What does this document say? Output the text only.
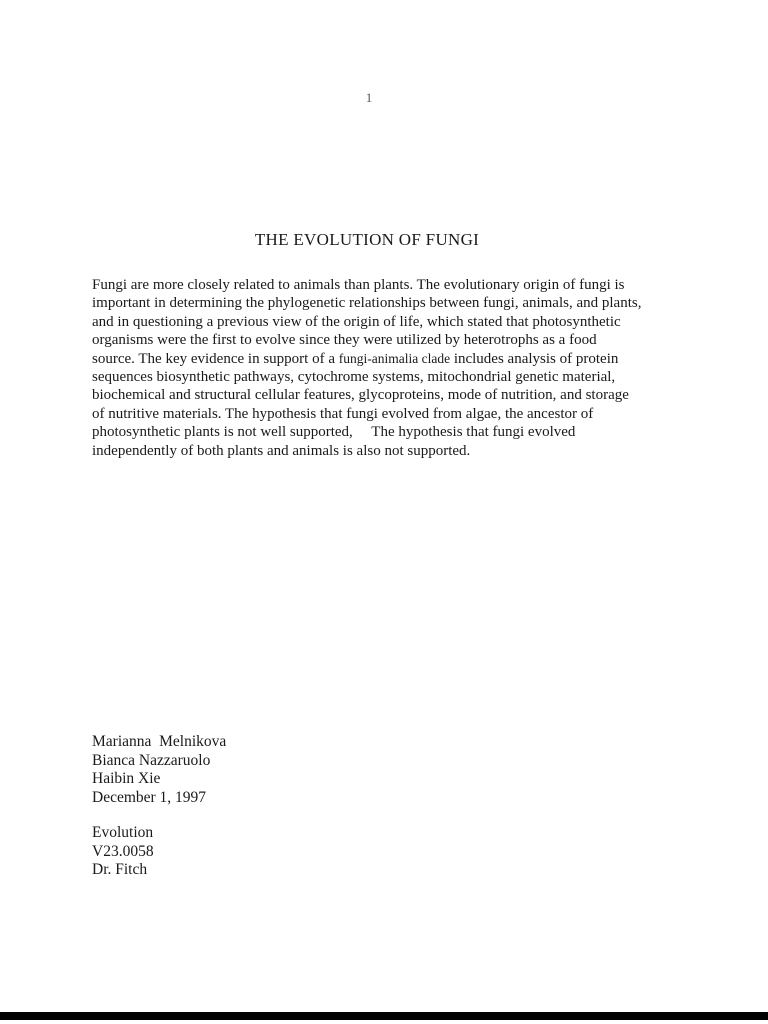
1
THE EVOLUTION OF FUNGI

Fungi are more closely related to animals than plants. The evolutionary origin of fungi is
important in determining the phylogenetic relationships between fungi, animals, and plants,
and in questioning a previous view of the origin of life, which stated that photosynthetic
organisms were the first to evolve since they were utilized by heterotrophs as a food
source. The key evidence in support of a fungi-animalia clade includes analysis of protein
sequences biosynthetic pathways, cytochrome systems, mitochondrial genetic material,
biochemical and structural cellular features, glycoproteins, mode of nutrition, and storage
of nutritive materials. The hypothesis that fungi evolved from algae, the ancestor of
photosynthetic plants is not well supported,     The hypothesis that fungi evolved
independently of both plants and animals is also not supported.

Marianna  Melnikova
Bianca Nazzaruolo
Haibin Xie
December 1, 1997
Evolution
V23.0058
Dr. Fitch
